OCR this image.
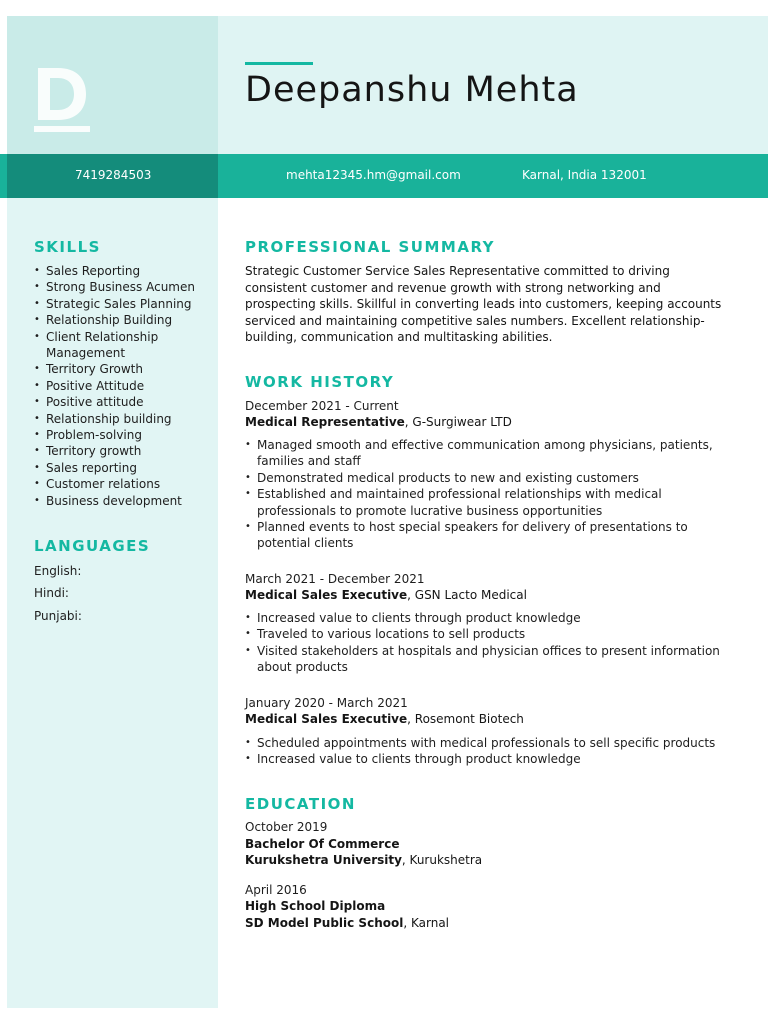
Deepanshu Mehta
7419284503	mehta12345.hm@gmail.com	Karnal, India 132001
SKILLS
• Sales Reporting
• Strong Business Acumen
• Strategic Sales Planning
• Relationship Building
• Client Relationship Management
• Territory Growth
• Positive Attitude
• Positive attitude
• Relationship building
• Problem-solving
• Territory growth
• Sales reporting
• Customer relations
• Business development
LANGUAGES
English:
Hindi:
Punjabi:
PROFESSIONAL SUMMARY
Strategic Customer Service Sales Representative committed to driving consistent customer and revenue growth with strong networking and prospecting skills. Skillful in converting leads into customers, keeping accounts serviced and maintaining competitive sales numbers. Excellent relationship-building, communication and multitasking abilities.
WORK HISTORY
December 2021 - Current
Medical Representative, G-Surgiwear LTD
• Managed smooth and effective communication among physicians, patients, families and staff
• Demonstrated medical products to new and existing customers
• Established and maintained professional relationships with medical professionals to promote lucrative business opportunities
• Planned events to host special speakers for delivery of presentations to potential clients
March 2021 - December 2021
Medical Sales Executive, GSN Lacto Medical
• Increased value to clients through product knowledge
• Traveled to various locations to sell products
• Visited stakeholders at hospitals and physician offices to present information about products
January 2020 - March 2021
Medical Sales Executive, Rosemont Biotech
• Scheduled appointments with medical professionals to sell specific products
• Increased value to clients through product knowledge
EDUCATION
October 2019
Bachelor Of Commerce
Kurukshetra University, Kurukshetra
April 2016
High School Diploma
SD Model Public School, Karnal
